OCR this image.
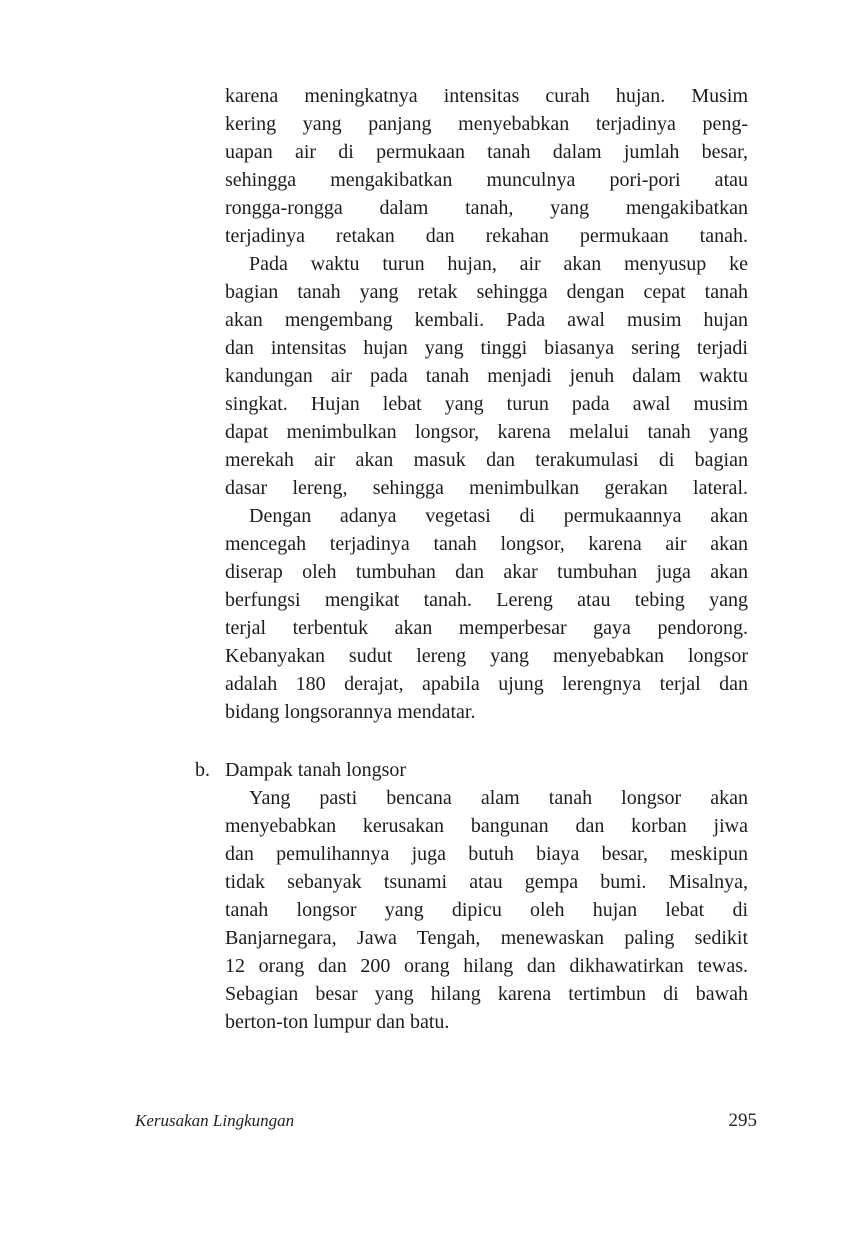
karena meningkatnya intensitas curah hujan. Musim
kering yang panjang menyebabkan terjadinya peng-
uapan air di permukaan tanah dalam jumlah besar,
sehingga mengakibatkan munculnya pori-pori atau
rongga-rongga dalam tanah, yang mengakibatkan
terjadinya retakan dan rekahan permukaan tanah.
Pada waktu turun hujan, air akan menyusup ke
bagian tanah yang retak sehingga dengan cepat tanah
akan mengembang kembali. Pada awal musim hujan
dan intensitas hujan yang tinggi biasanya sering terjadi
kandungan air pada tanah menjadi jenuh dalam waktu
singkat. Hujan lebat yang turun pada awal musim
dapat menimbulkan longsor, karena melalui tanah yang
merekah air akan masuk dan terakumulasi di bagian
dasar lereng, sehingga menimbulkan gerakan lateral.
Dengan adanya vegetasi di permukaannya akan
mencegah terjadinya tanah longsor, karena air akan
diserap oleh tumbuhan dan akar tumbuhan juga akan
berfungsi mengikat tanah. Lereng atau tebing yang
terjal terbentuk akan memperbesar gaya pendorong.
Kebanyakan sudut lereng yang menyebabkan longsor
adalah 180 derajat, apabila ujung lerengnya terjal dan
bidang longsorannya mendatar.
b. Dampak tanah longsor
Yang pasti bencana alam tanah longsor akan
menyebabkan kerusakan bangunan dan korban jiwa
dan pemulihannya juga butuh biaya besar, meskipun
tidak sebanyak tsunami atau gempa bumi. Misalnya,
tanah longsor yang dipicu oleh hujan lebat di
Banjarnegara, Jawa Tengah, menewaskan paling sedikit
12 orang dan 200 orang hilang dan dikhawatirkan tewas.
Sebagian besar yang hilang karena tertimbun di bawah
berton-ton lumpur dan batu.
Kerusakan Lingkungan	295
